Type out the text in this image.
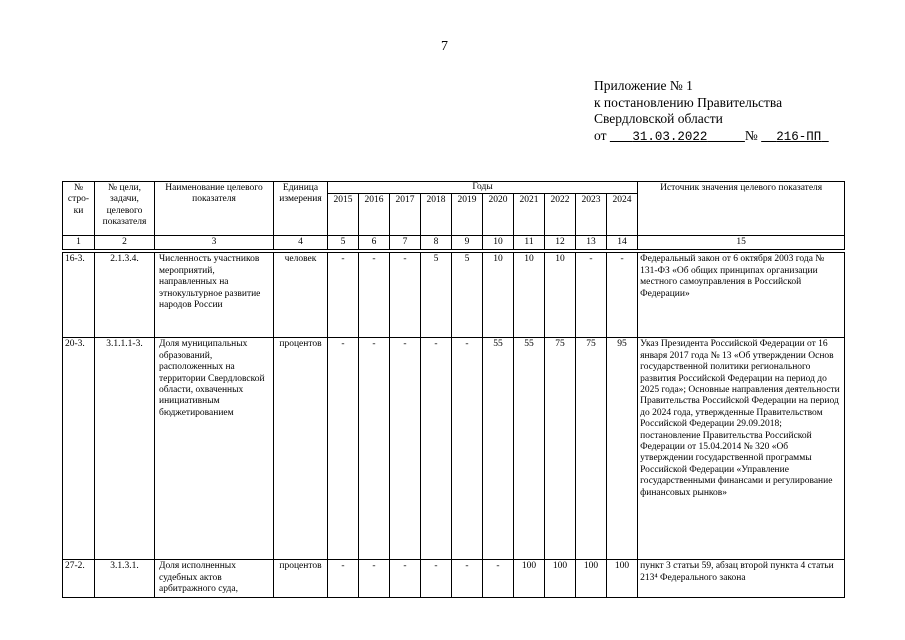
7
Приложение № 1
к постановлению Правительства
Свердловской области
от 31.03.2022	№ 216-ПП
№ стро-ки	№ цели, задачи, целевого показателя	Наименование целевого показателя	Единица измерения	Годы										Источник значения целевого показателя
				2015	2016	2017	2018	2019	2020	2021	2022	2023	2024	
1	2	3	4	5	6	7	8	9	10	11	12	13	14	15

16-3.	2.1.3.4.	Численность участников мероприятий, направленных на этнокультурное развитие народов России	человек	-	-	-	5	5	10	10	10	-	-	Федеральный закон от 6 октября 2003 года № 131-ФЗ «Об общих принципах организации местного самоуправления в Российской Федерации»
20-3.	3.1.1.1-3.	Доля муниципальных образований, расположенных на территории Свердловской области, охваченных инициативным бюджетированием	процентов	-	-	-	-	-	55	55	75	75	95	Указ Президента Российской Федерации от 16 января 2017 года № 13 «Об утверждении Основ государственной политики регионального развития Российской Федерации на период до 2025 года»; Основные направления деятельности Правительства Российской Федерации на период до 2024 года, утвержденные Правительством Российской Федерации 29.09.2018; постановление Правительства Российской Федерации от 15.04.2014 № 320 «Об утверждении государственной программы Российской Федерации «Управление государственными финансами и регулирование финансовых рынков»
27-2.	3.1.3.1.	Доля исполненных судебных актов арбитражного суда,	процентов	-	-	-	-	-	-	100	100	100	100	пункт 3 статьи 59, абзац второй пункта 4 статьи 213⁴ Федерального закона
